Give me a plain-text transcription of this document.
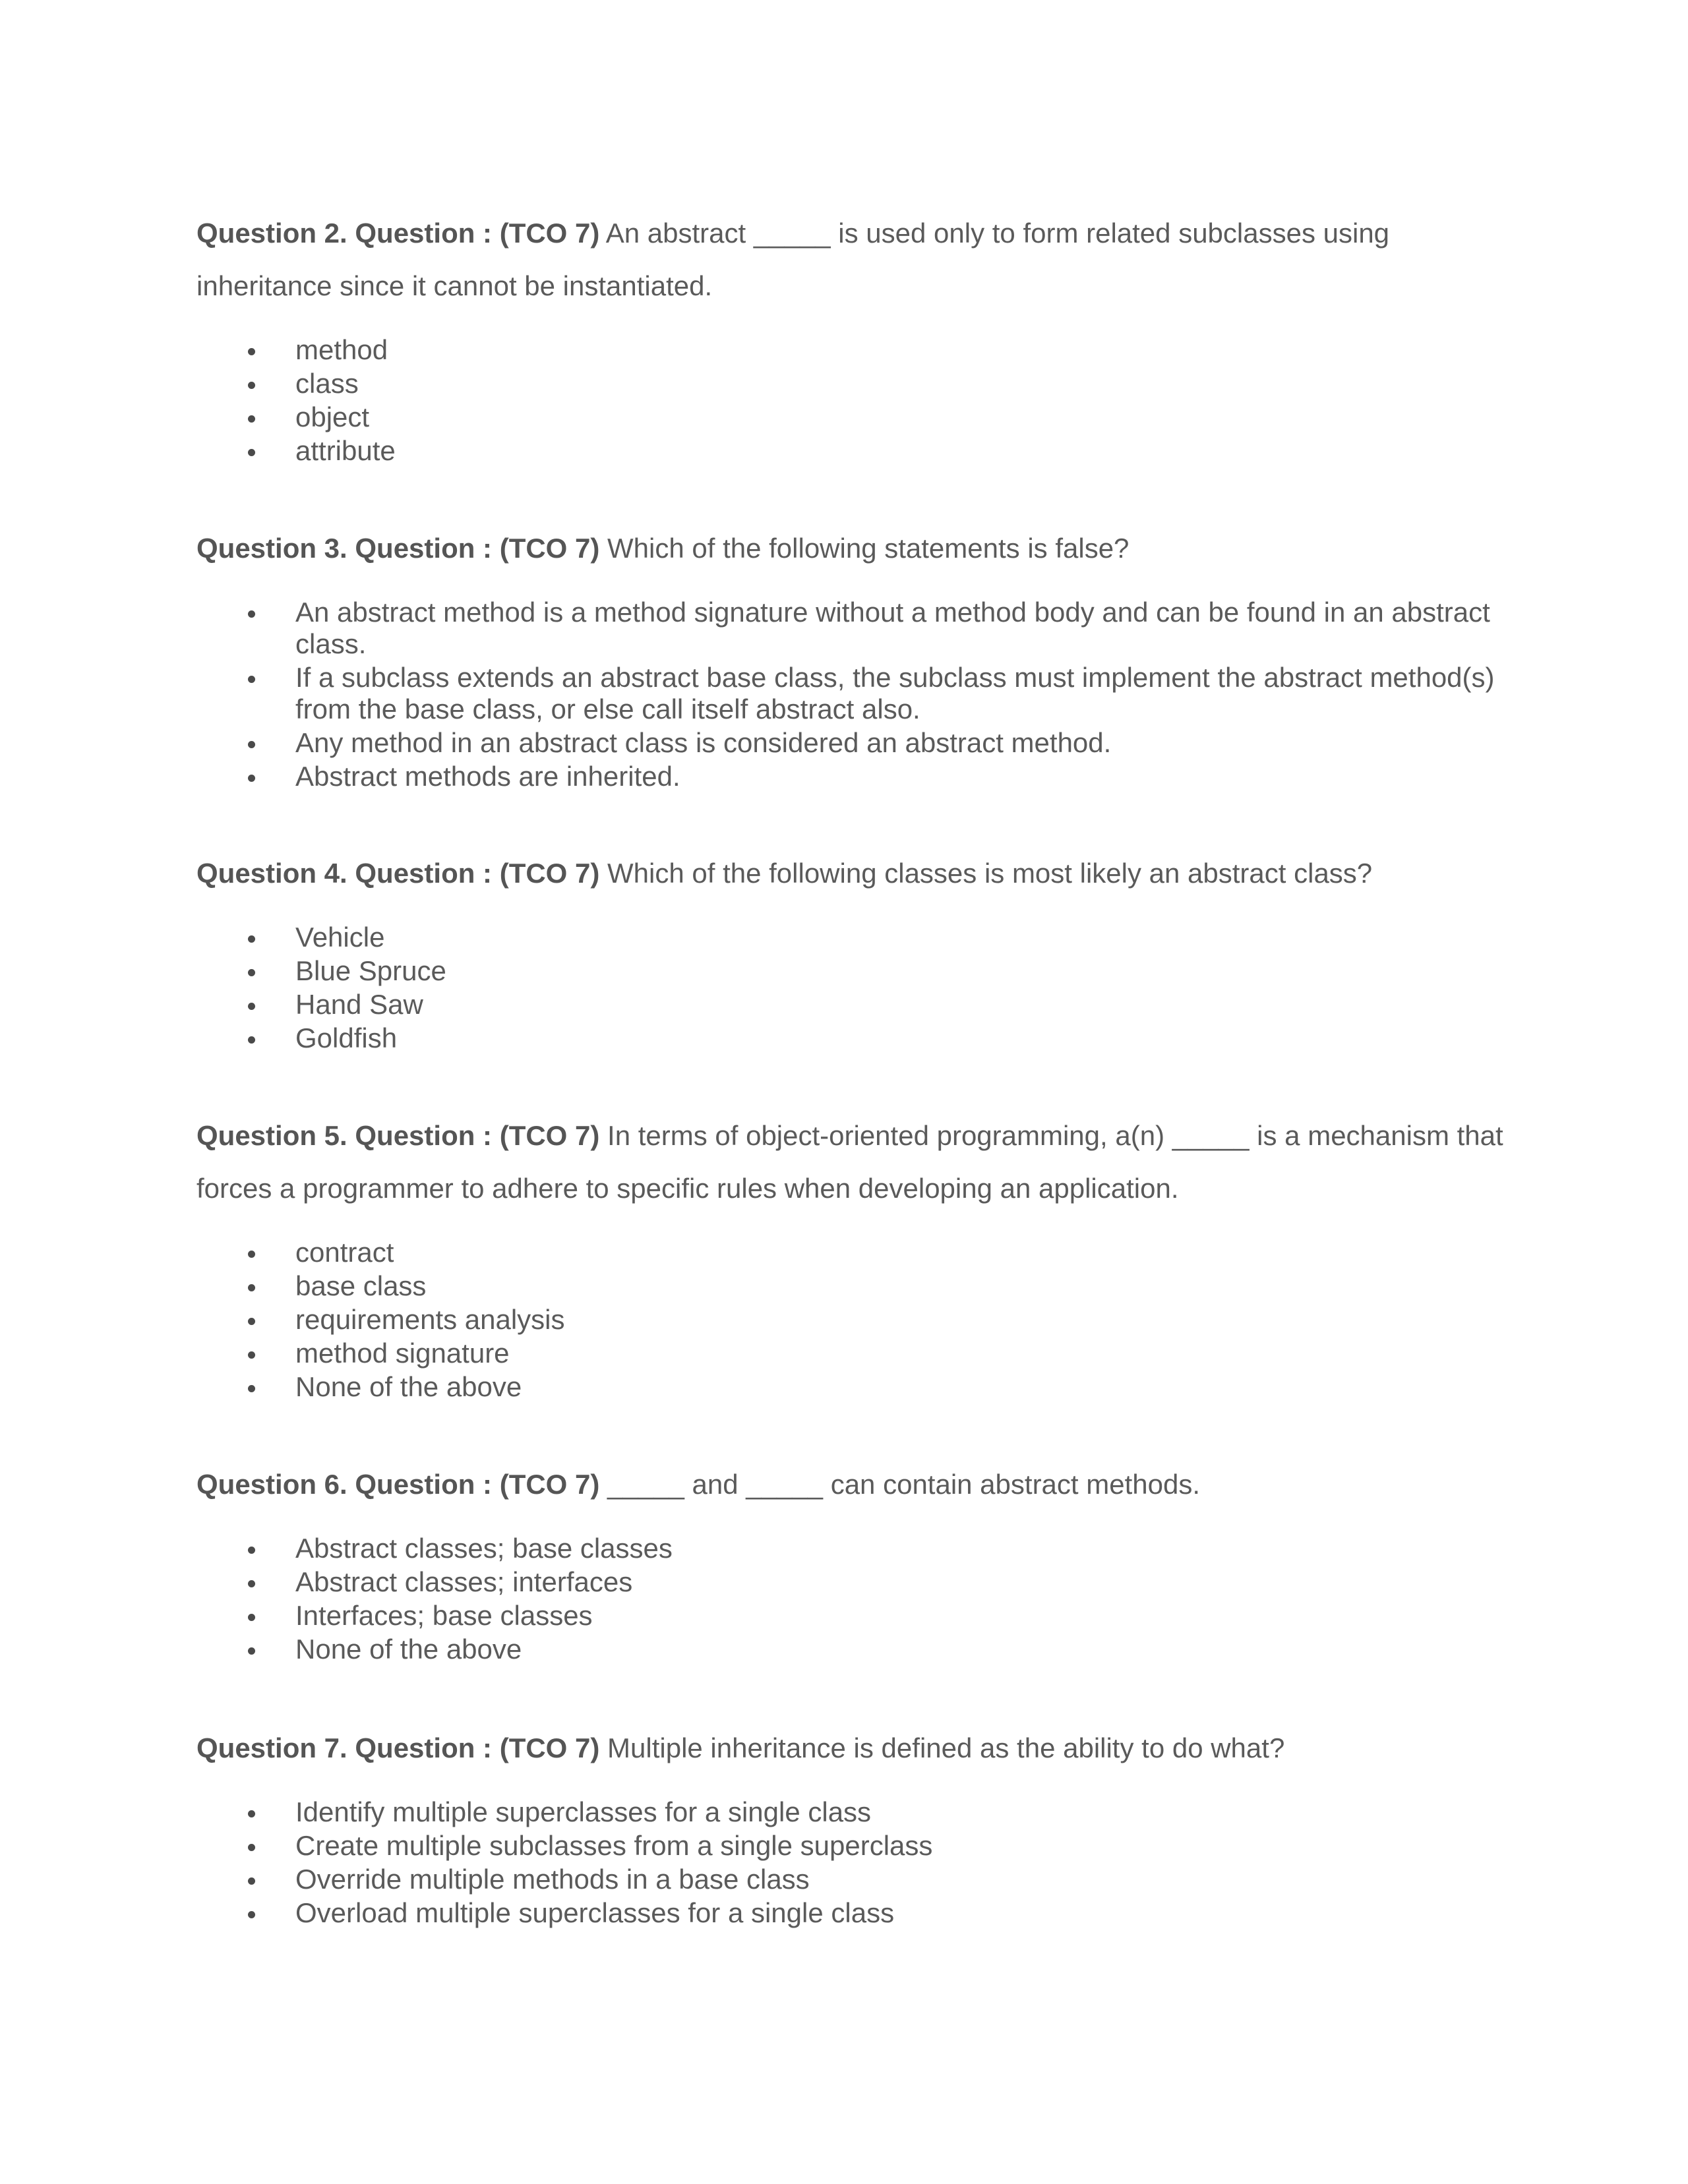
Question 2. Question : (TCO 7) An abstract _____ is used only to form related subclasses using inheritance since it cannot be instantiated.

method
class
object
attribute

Question 3. Question : (TCO 7) Which of the following statements is false?

An abstract method is a method signature without a method body and can be found in an abstract class.
If a subclass extends an abstract base class, the subclass must implement the abstract method(s) from the base class, or else call itself abstract also.
Any method in an abstract class is considered an abstract method.
Abstract methods are inherited.

Question 4. Question : (TCO 7) Which of the following classes is most likely an abstract class?

Vehicle
Blue Spruce
Hand Saw
Goldfish

Question 5. Question : (TCO 7) In terms of object-oriented programming, a(n) _____ is a mechanism that forces a programmer to adhere to specific rules when developing an application.

contract
base class
requirements analysis
method signature
None of the above

Question 6. Question : (TCO 7) _____ and _____ can contain abstract methods.

Abstract classes; base classes
Abstract classes; interfaces
Interfaces; base classes
None of the above

Question 7. Question : (TCO 7) Multiple inheritance is defined as the ability to do what?

Identify multiple superclasses for a single class
Create multiple subclasses from a single superclass
Override multiple methods in a base class
Overload multiple superclasses for a single class
